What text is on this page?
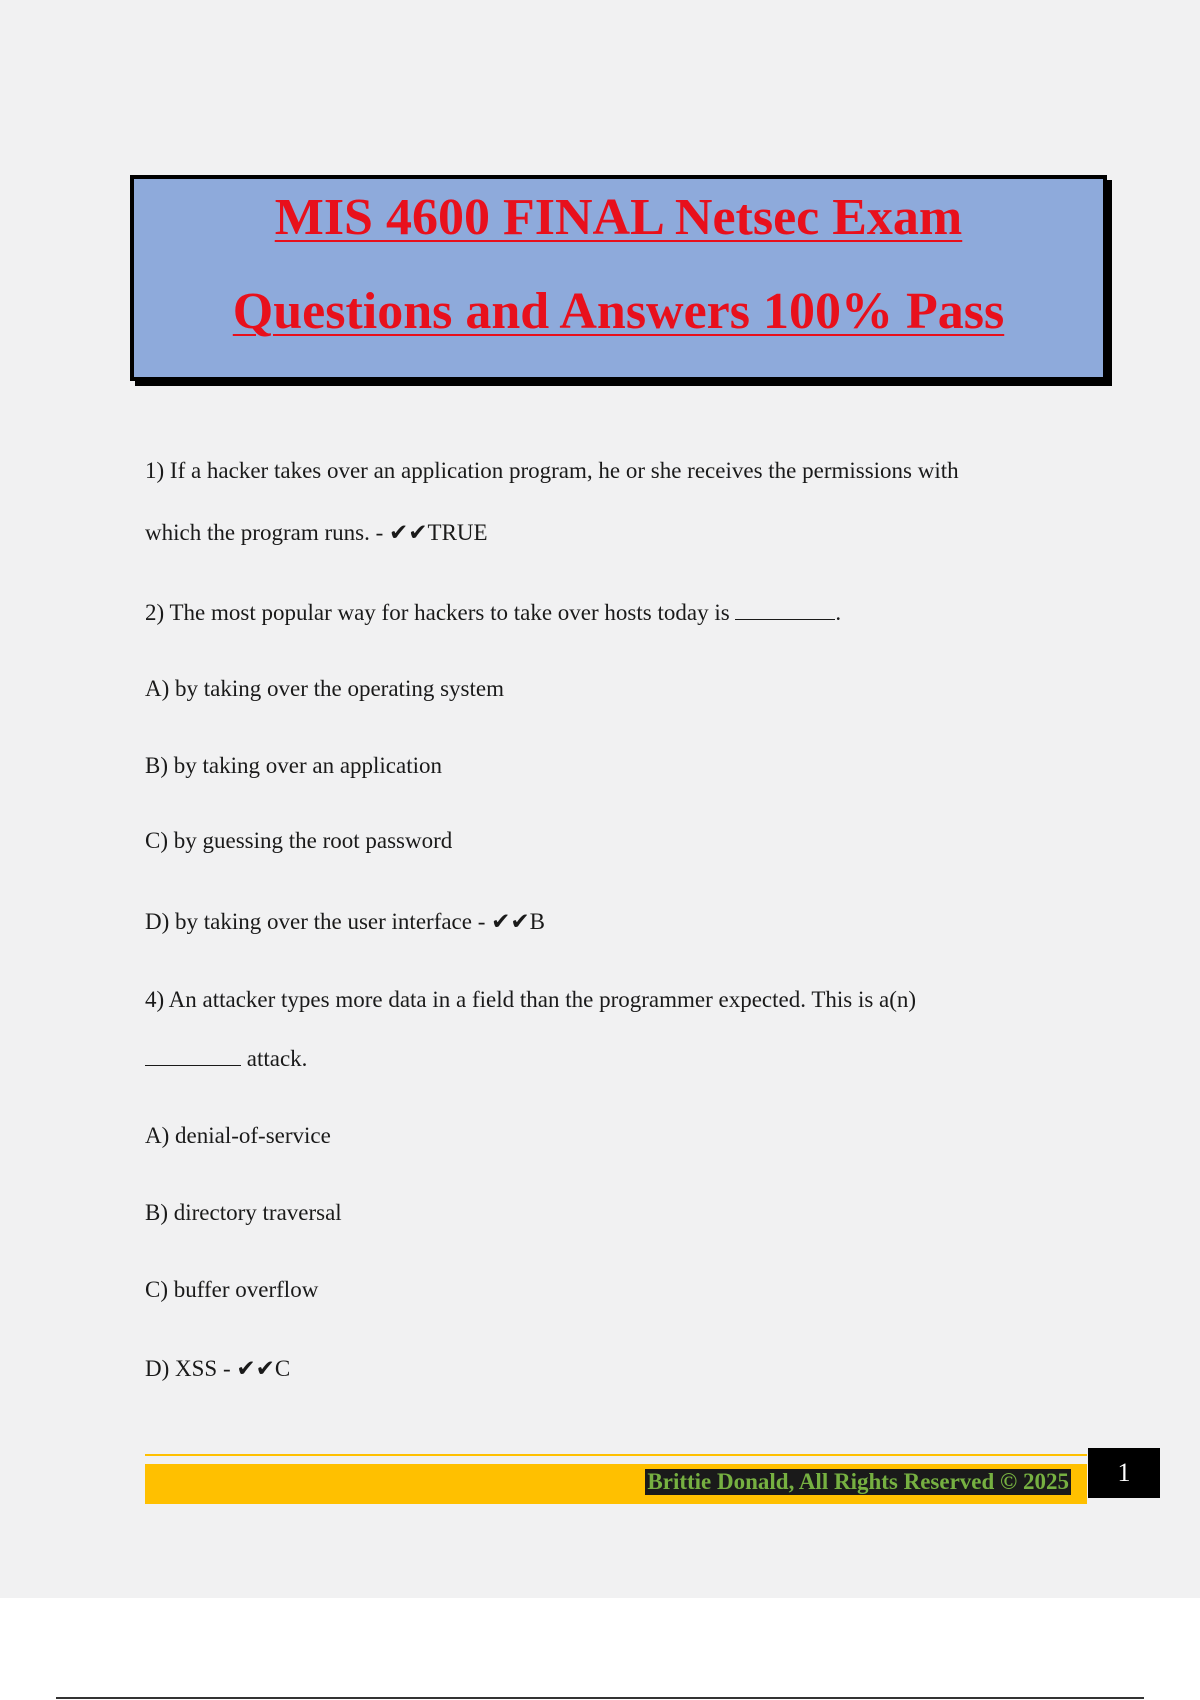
MIS 4600 FINAL Netsec Exam
Questions and Answers 100% Pass

1) If a hacker takes over an application program, he or she receives the permissions with

which the program runs. - ✔✔TRUE

2) The most popular way for hackers to take over hosts today is	.

A) by taking over the operating system

B) by taking over an application

C) by guessing the root password

D) by taking over the user interface - ✔✔B

4) An attacker types more data in a field than the programmer expected. This is a(n)

attack.

A) denial-of-service

B) directory traversal

C) buffer overflow

D) XSS - ✔✔C

Brittie Donald, All Rights Reserved © 2025	1
